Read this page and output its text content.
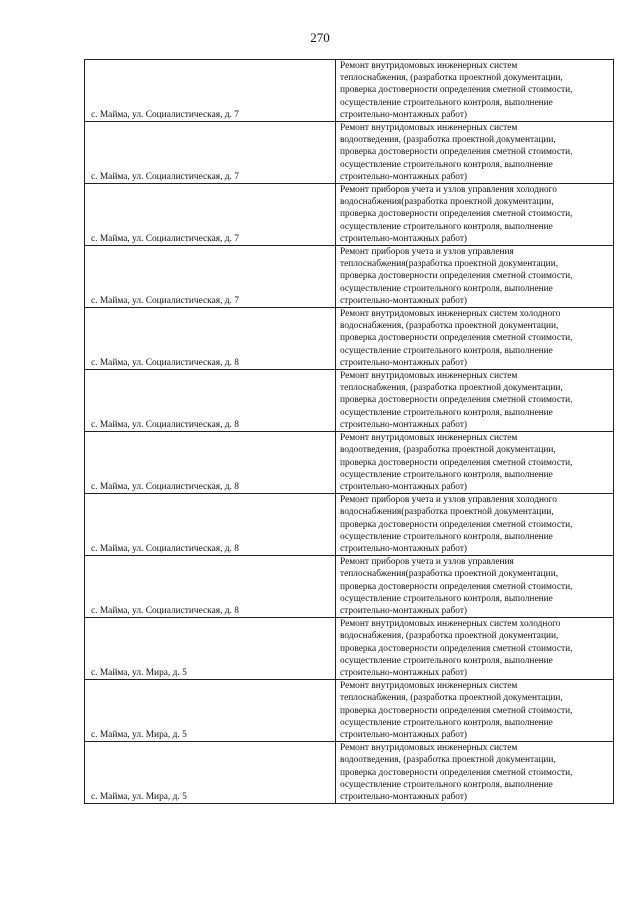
270
с. Майма, ул. Социалистическая, д. 7	Ремонт внутридомовых инженерных систем
теплоснабжения, (разработка проектной документации,
проверка достоверности определения сметной стоимости,
осуществление строительного контроля, выполнение
строительно-монтажных работ)
с. Майма, ул. Социалистическая, д. 7	Ремонт внутридомовых инженерных систем
водоотведения, (разработка проектной документации,
проверка достоверности определения сметной стоимости,
осуществление строительного контроля, выполнение
строительно-монтажных работ)
с. Майма, ул. Социалистическая, д. 7	Ремонт приборов учета и узлов управления холодного
водоснабжения(разработка проектной документации,
проверка достоверности определения сметной стоимости,
осуществление строительного контроля, выполнение
строительно-монтажных работ)
с. Майма, ул. Социалистическая, д. 7	Ремонт приборов учета и узлов управления
теплоснабжения(разработка проектной документации,
проверка достоверности определения сметной стоимости,
осуществление строительного контроля, выполнение
строительно-монтажных работ)
с. Майма, ул. Социалистическая, д. 8	Ремонт внутридомовых инженерных систем холодного
водоснабжения, (разработка проектной документации,
проверка достоверности определения сметной стоимости,
осуществление строительного контроля, выполнение
строительно-монтажных работ)
с. Майма, ул. Социалистическая, д. 8	Ремонт внутридомовых инженерных систем
теплоснабжения, (разработка проектной документации,
проверка достоверности определения сметной стоимости,
осуществление строительного контроля, выполнение
строительно-монтажных работ)
с. Майма, ул. Социалистическая, д. 8	Ремонт внутридомовых инженерных систем
водоотведения, (разработка проектной документации,
проверка достоверности определения сметной стоимости,
осуществление строительного контроля, выполнение
строительно-монтажных работ)
с. Майма, ул. Социалистическая, д. 8	Ремонт приборов учета и узлов управления холодного
водоснабжения(разработка проектной документации,
проверка достоверности определения сметной стоимости,
осуществление строительного контроля, выполнение
строительно-монтажных работ)
с. Майма, ул. Социалистическая, д. 8	Ремонт приборов учета и узлов управления
теплоснабжения(разработка проектной документации,
проверка достоверности определения сметной стоимости,
осуществление строительного контроля, выполнение
строительно-монтажных работ)
с. Майма, ул. Мира, д. 5	Ремонт внутридомовых инженерных систем холодного
водоснабжения, (разработка проектной документации,
проверка достоверности определения сметной стоимости,
осуществление строительного контроля, выполнение
строительно-монтажных работ)
с. Майма, ул. Мира, д. 5	Ремонт внутридомовых инженерных систем
теплоснабжения, (разработка проектной документации,
проверка достоверности определения сметной стоимости,
осуществление строительного контроля, выполнение
строительно-монтажных работ)
с. Майма, ул. Мира, д. 5	Ремонт внутридомовых инженерных систем
водоотведения, (разработка проектной документации,
проверка достоверности определения сметной стоимости,
осуществление строительного контроля, выполнение
строительно-монтажных работ)
